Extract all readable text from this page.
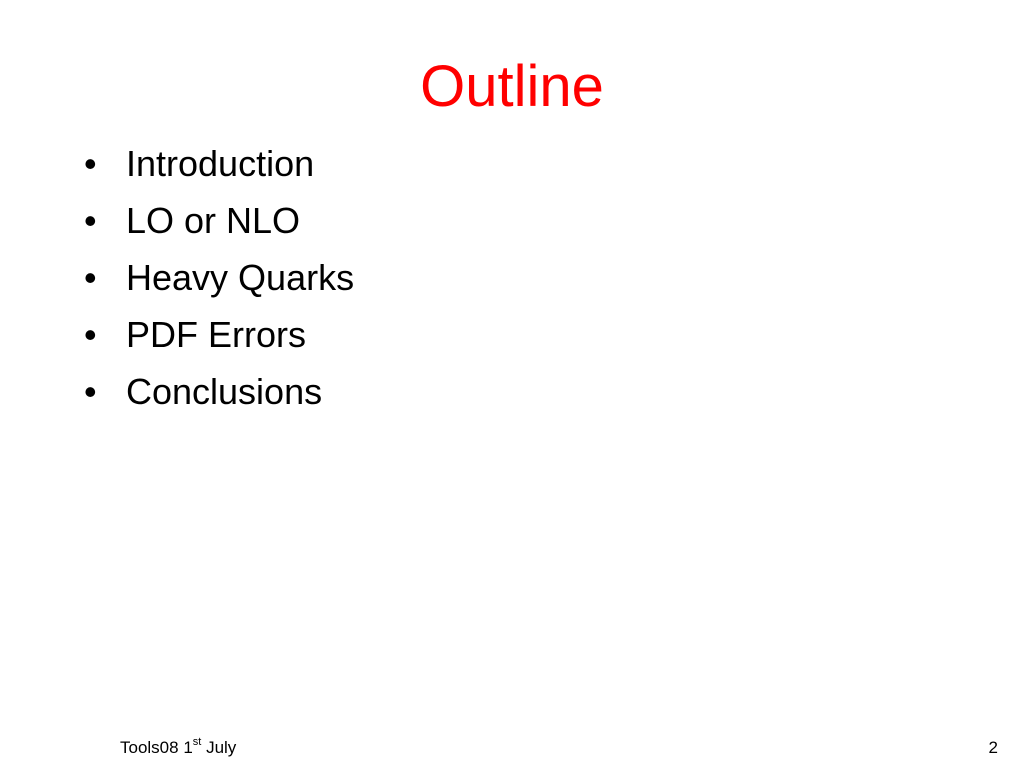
Outline
• Introduction
• LO or NLO
• Heavy Quarks
• PDF Errors
• Conclusions
Tools08 1st July	2
